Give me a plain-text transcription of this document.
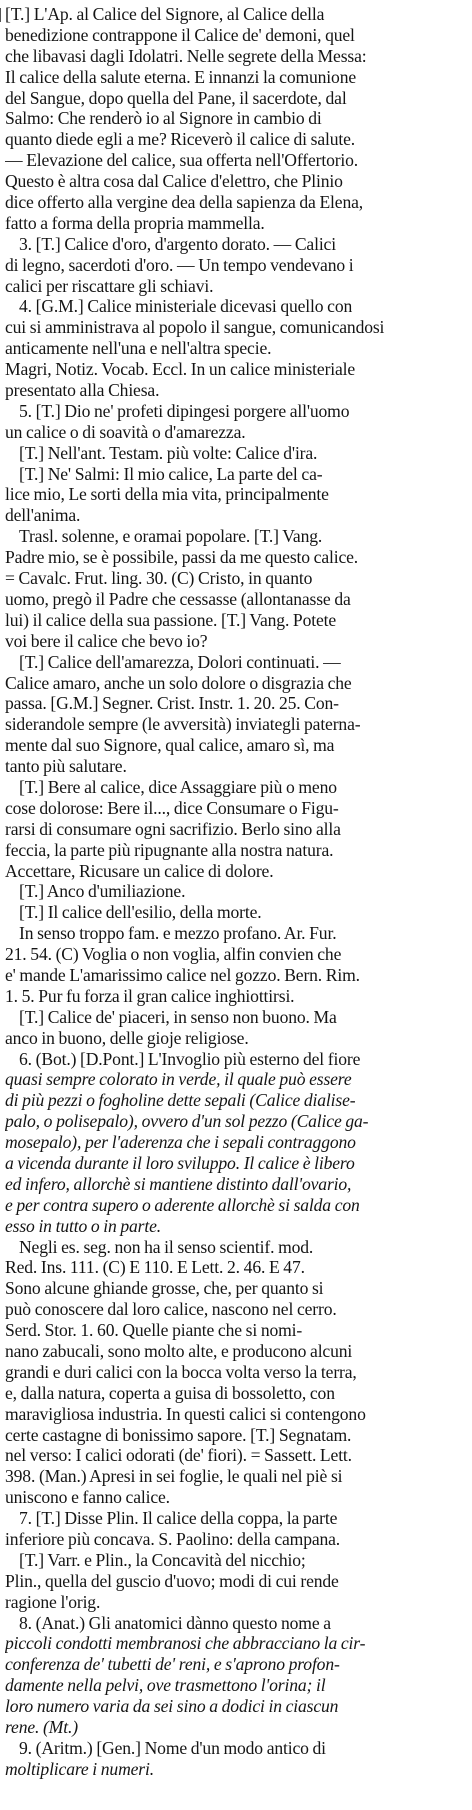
[T.] L'Ap. al Calice del Signore, al Calice della
benedizione contrappone il Calice de' demoni, quel
che libavasi dagli Idolatri. Nelle segrete della Messa:
Il calice della salute eterna. E innanzi la comunione
del Sangue, dopo quella del Pane, il sacerdote, dal
Salmo: Che renderò io al Signore in cambio di
quanto diede egli a me? Riceverò il calice di salute.
— Elevazione del calice, sua offerta nell'Offertorio.
Questo è altra cosa dal Calice d'elettro, che Plinio
dice offerto alla vergine dea della sapienza da Elena,
fatto a forma della propria mammella.
3. [T.] Calice d'oro, d'argento dorato. — Calici
di legno, sacerdoti d'oro. — Un tempo vendevano i
calici per riscattare gli schiavi.
4. [G.M.] Calice ministeriale dicevasi quello con
cui si amministrava al popolo il sangue, comunicandosi
anticamente nell'una e nell'altra specie.
Magri, Notiz. Vocab. Eccl. In un calice ministeriale
presentato alla Chiesa.
5. [T.] Dio ne' profeti dipingesi porgere all'uomo
un calice o di soavità o d'amarezza.
[T.] Nell'ant. Testam. più volte: Calice d'ira.
[T.] Ne' Salmi: Il mio calice, La parte del ca-
lice mio, Le sorti della mia vita, principalmente
dell'anima.
Trasl. solenne, e oramai popolare. [T.] Vang.
Padre mio, se è possibile, passi da me questo calice.
= Cavalc. Frut. ling. 30. (C) Cristo, in quanto
uomo, pregò il Padre che cessasse (allontanasse da
lui) il calice della sua passione. [T.] Vang. Potete
voi bere il calice che bevo io?
[T.] Calice dell'amarezza, Dolori continuati. —
Calice amaro, anche un solo dolore o disgrazia che
passa. [G.M.] Segner. Crist. Instr. 1. 20. 25. Con-
siderandole sempre (le avversità) inviategli paterna-
mente dal suo Signore, qual calice, amaro sì, ma
tanto più salutare.
[T.] Bere al calice, dice Assaggiare più o meno
cose dolorose: Bere il..., dice Consumare o Figu-
rarsi di consumare ogni sacrifizio. Berlo sino alla
feccia, la parte più ripugnante alla nostra natura.
Accettare, Ricusare un calice di dolore.
[T.] Anco d'umiliazione.
[T.] Il calice dell'esilio, della morte.
In senso troppo fam. e mezzo profano. Ar. Fur.
21. 54. (C) Voglia o non voglia, alfin convien che
e' mande L'amarissimo calice nel gozzo. Bern. Rim.
1. 5. Pur fu forza il gran calice inghiottirsi.
[T.] Calice de' piaceri, in senso non buono. Ma
anco in buono, delle gioje religiose.
6. (Bot.) [D.Pont.] L'Invoglio più esterno del fiore
quasi sempre colorato in verde, il quale può essere
di più pezzi o fogholine dette sepali (Calice dialise-
palo, o polisepalo), ovvero d'un sol pezzo (Calice ga-
mosepalo), per l'aderenza che i sepali contraggono
a vicenda durante il loro sviluppo. Il calice è libero
ed infero, allorchè si mantiene distinto dall'ovario,
e per contra supero o aderente allorchè si salda con
esso in tutto o in parte.
Negli es. seg. non ha il senso scientif. mod.
Red. Ins. 111. (C) E 110. E Lett. 2. 46. E 47.
Sono alcune ghiande grosse, che, per quanto si
può conoscere dal loro calice, nascono nel cerro.
Serd. Stor. 1. 60. Quelle piante che si nomi-
nano zabucali, sono molto alte, e producono alcuni
grandi e duri calici con la bocca volta verso la terra,
e, dalla natura, coperta a guisa di bossoletto, con
maravigliosa industria. In questi calici si contengono
certe castagne di bonissimo sapore. [T.] Segnatam.
nel verso: I calici odorati (de' fiori). = Sassett. Lett.
398. (Man.) Apresi in sei foglie, le quali nel piè si
uniscono e fanno calice.
7. [T.] Disse Plin. Il calice della coppa, la parte
inferiore più concava. S. Paolino: della campana.
[T.] Varr. e Plin., la Concavità del nicchio;
Plin., quella del guscio d'uovo; modi di cui rende
ragione l'orig.
8. (Anat.) Gli anatomici dànno questo nome a
piccoli condotti membranosi che abbracciano la cir-
conferenza de' tubetti de' reni, e s'aprono profon-
damente nella pelvi, ove trasmettono l'orina; il
loro numero varia da sei sino a dodici in ciascun
rene. (Mt.)
9. (Aritm.) [Gen.] Nome d'un modo antico di
moltiplicare i numeri.
